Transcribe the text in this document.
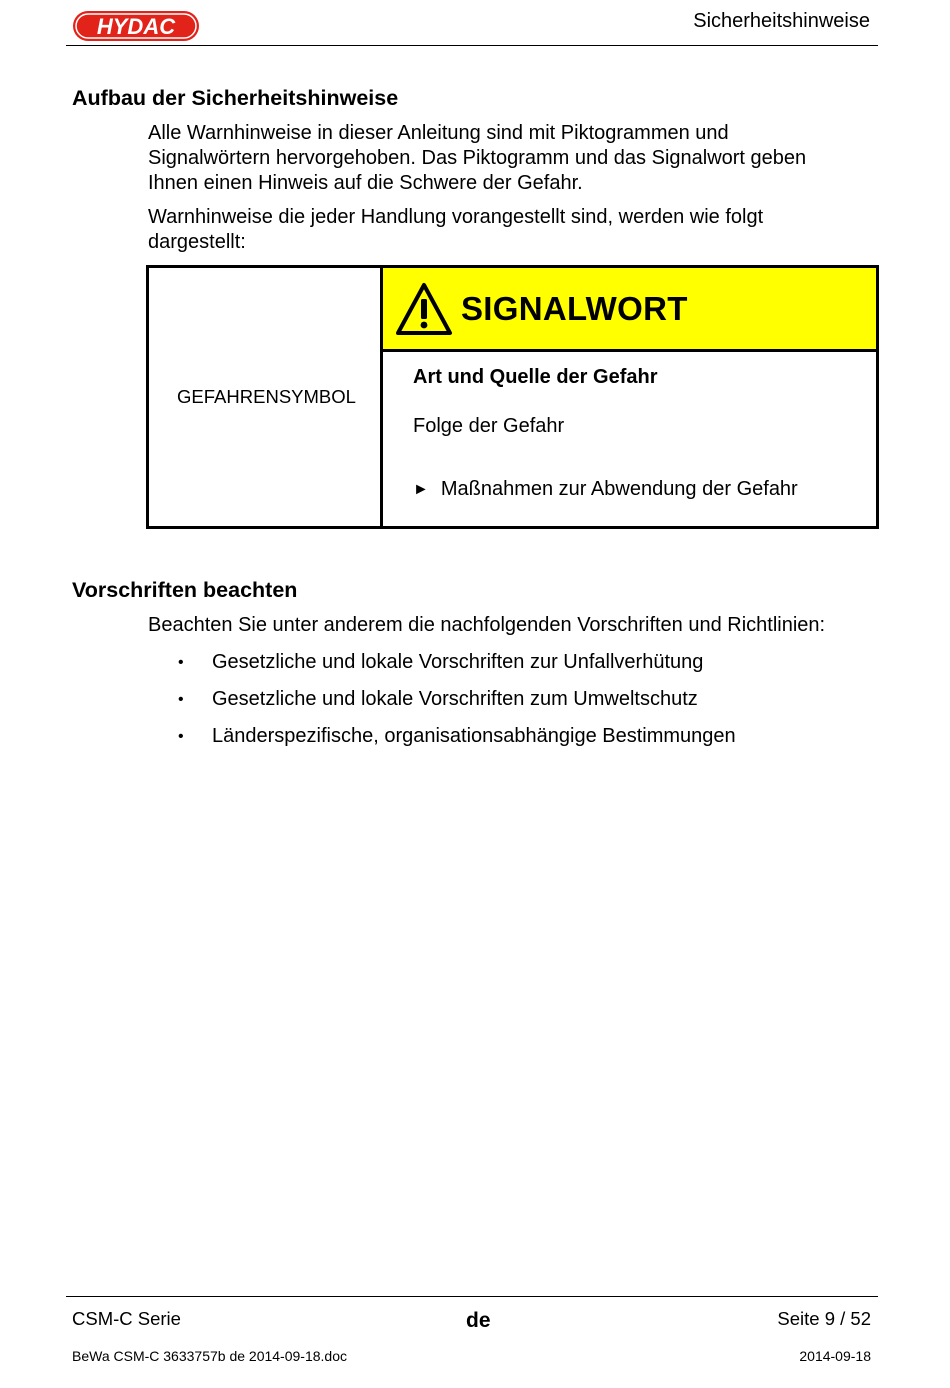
HYDAC	Sicherheitshinweise
Aufbau der Sicherheitshinweise
Alle Warnhinweise in dieser Anleitung sind mit Piktogrammen und
Signalwörtern hervorgehoben. Das Piktogramm und das Signalwort geben
Ihnen einen Hinweis auf die Schwere der Gefahr.
Warnhinweise die jeder Handlung vorangestellt sind, werden wie folgt
dargestellt:
GEFAHRENSYMBOL
SIGNALWORT
Art und Quelle der Gefahr
Folge der Gefahr
► Maßnahmen zur Abwendung der Gefahr
Vorschriften beachten
Beachten Sie unter anderem die nachfolgenden Vorschriften und Richtlinien:
•	Gesetzliche und lokale Vorschriften zur Unfallverhütung
•	Gesetzliche und lokale Vorschriften zum Umweltschutz
•	Länderspezifische, organisationsabhängige Bestimmungen
CSM-C Serie	de	Seite 9 / 52
BeWa CSM-C 3633757b de 2014-09-18.doc	2014-09-18
